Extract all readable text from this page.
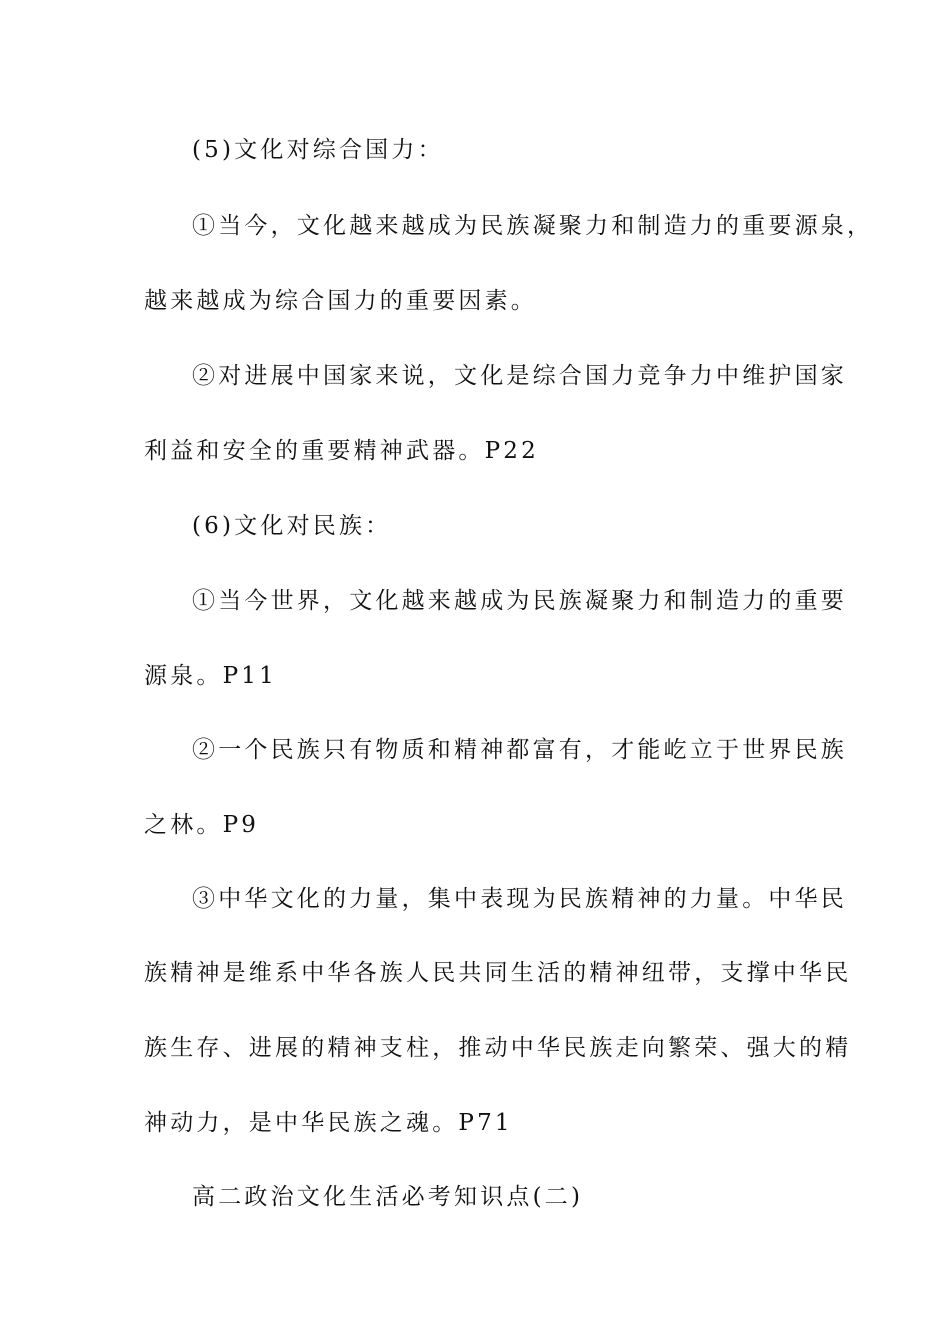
(5)文化对综合国力：
①当今，文化越来越成为民族凝聚力和制造力的重要源泉，
越来越成为综合国力的重要因素。
②对进展中国家来说，文化是综合国力竞争力中维护国家
利益和安全的重要精神武器。P22
(6)文化对民族：
①当今世界，文化越来越成为民族凝聚力和制造力的重要
源泉。P11
②一个民族只有物质和精神都富有，才能屹立于世界民族
之林。P9
③中华文化的力量，集中表现为民族精神的力量。中华民
族精神是维系中华各族人民共同生活的精神纽带，支撑中华民
族生存、进展的精神支柱，推动中华民族走向繁荣、强大的精
神动力，是中华民族之魂。P71
高二政治文化生活必考知识点(二)
